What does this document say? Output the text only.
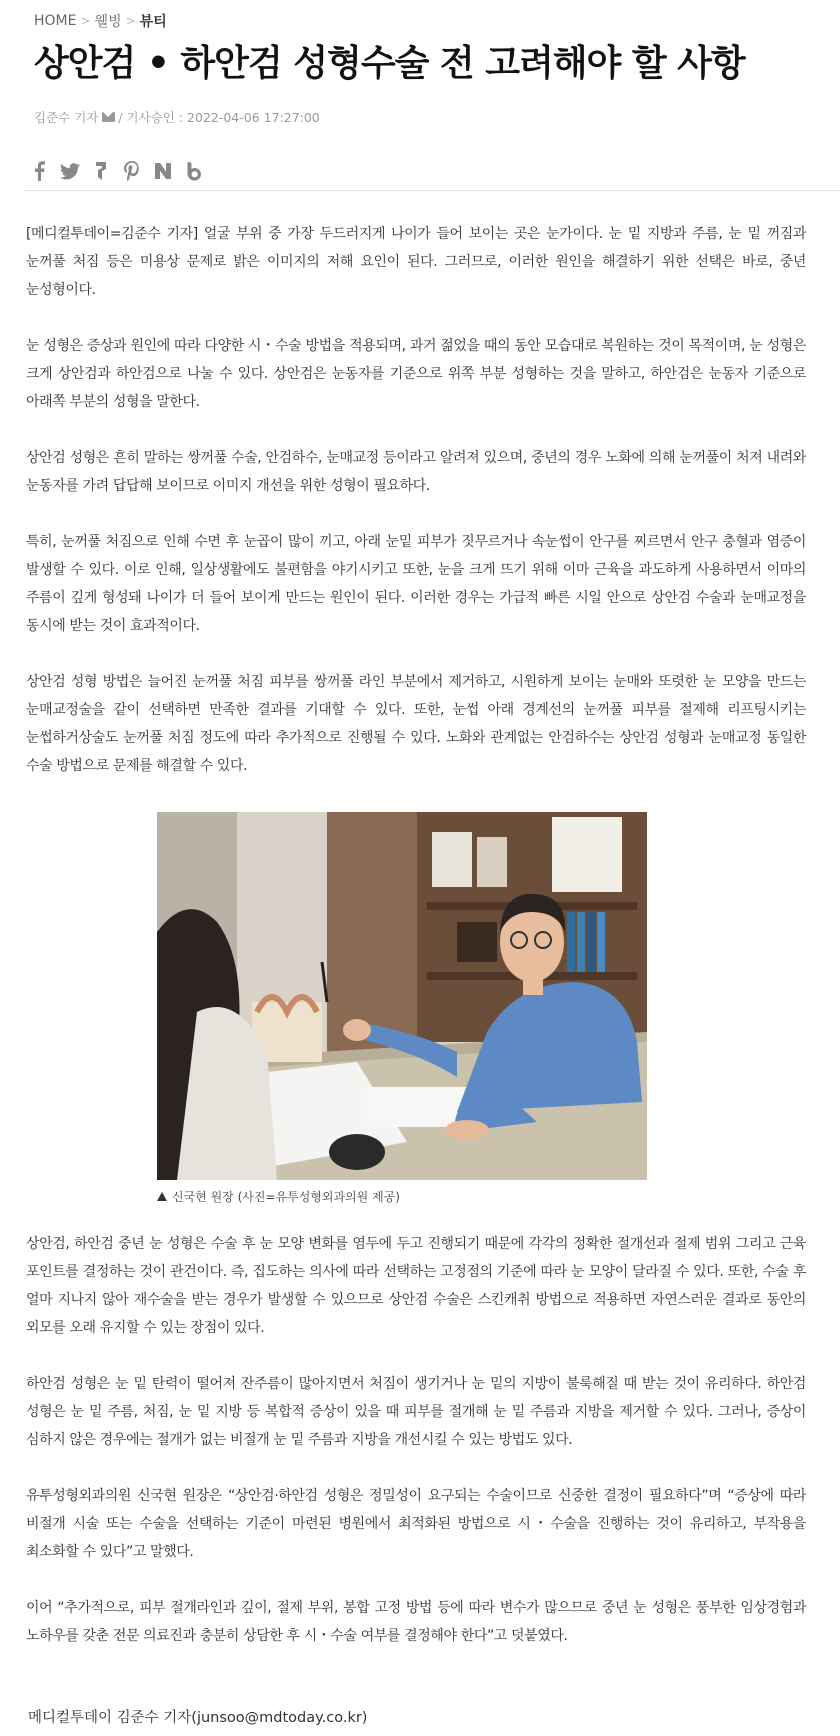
HOME > 웰빙 > 뷰티
상안검 • 하안검 성형수술 전 고려해야 할 사항
김준수 기자 / 기사승인 : 2022-04-06 17:27:00

[메디컬투데이=김준수 기자] 얼굴 부위 중 가장 두드러지게 나이가 들어 보이는 곳은 눈가이다. 눈 밑 지방과 주름, 눈 밑 꺼짐과 눈꺼풀 처짐 등은 미용상 문제로 밝은 이미지의 저해 요인이 된다. 그러므로, 이러한 원인을 해결하기 위한 선택은 바로, 중년 눈성형이다.

눈 성형은 증상과 원인에 따라 다양한 시・수술 방법을 적용되며, 과거 젊었을 때의 동안 모습대로 복원하는 것이 목적이며, 눈 성형은 크게 상안검과 하안검으로 나눌 수 있다. 상안검은 눈동자를 기준으로 위쪽 부분 성형하는 것을 말하고, 하안검은 눈동자 기준으로 아래쪽 부분의 성형을 말한다.

상안검 성형은 흔히 말하는 쌍꺼풀 수술, 안검하수, 눈매교정 등이라고 알려져 있으며, 중년의 경우 노화에 의해 눈꺼풀이 처져 내려와 눈동자를 가려 답답해 보이므로 이미지 개선을 위한 성형이 필요하다.

특히, 눈꺼풀 처짐으로 인해 수면 후 눈곱이 많이 끼고, 아래 눈밑 피부가 짓무르거나 속눈썹이 안구를 찌르면서 안구 충혈과 염증이 발생할 수 있다. 이로 인해, 일상생활에도 불편함을 야기시키고 또한, 눈을 크게 뜨기 위해 이마 근육을 과도하게 사용하면서 이마의 주름이 깊게 형성돼 나이가 더 들어 보이게 만드는 원인이 된다. 이러한 경우는 가급적 빠른 시일 안으로 상안검 수술과 눈매교정을 동시에 받는 것이 효과적이다.

상안검 성형 방법은 늘어진 눈꺼풀 처짐 피부를 쌍꺼풀 라인 부분에서 제거하고, 시원하게 보이는 눈매와 또렷한 눈 모양을 만드는 눈매교정술을 같이 선택하면 만족한 결과를 기대할 수 있다. 또한, 눈썹 아래 경계선의 눈꺼풀 피부를 절제해 리프팅시키는 눈썹하거상술도 눈꺼풀 처짐 정도에 따라 추가적으로 진행될 수 있다. 노화와 관계없는 안검하수는 상안검 성형과 눈매교정 동일한 수술 방법으로 문제를 해결할 수 있다.

신국현 원장 (사진=유투성형외과의원 제공)

상안검, 하안검 중년 눈 성형은 수술 후 눈 모양 변화를 염두에 두고 진행되기 때문에 각각의 정확한 절개선과 절제 범위 그리고 근육 포인트를 결정하는 것이 관건이다. 즉, 집도하는 의사에 따라 선택하는 고정점의 기준에 따라 눈 모양이 달라질 수 있다. 또한, 수술 후 얼마 지나지 않아 재수술을 받는 경우가 발생할 수 있으므로 상안검 수술은 스킨캐취 방법으로 적용하면 자연스러운 결과로 동안의 외모를 오래 유지할 수 있는 장점이 있다.

하안검 성형은 눈 밑 탄력이 떨어져 잔주름이 많아지면서 처짐이 생기거나 눈 밑의 지방이 불룩해질 때 받는 것이 유리하다. 하안검 성형은 눈 밑 주름, 처짐, 눈 밑 지방 등 복합적 증상이 있을 때 피부를 절개해 눈 밑 주름과 지방을 제거할 수 있다. 그러나, 증상이 심하지 않은 경우에는 절개가 없는 비절개 눈 밑 주름과 지방을 개선시킬 수 있는 방법도 있다.

유투성형외과의원 신국현 원장은 “상안검·하안검 성형은 정밀성이 요구되는 수술이므로 신중한 결정이 필요하다”며 “증상에 따라 비절개 시술 또는 수술을 선택하는 기준이 마련된 병원에서 최적화된 방법으로 시・수술을 진행하는 것이 유리하고, 부작용을 최소화할 수 있다”고 말했다.

이어 “추가적으로, 피부 절개라인과 깊이, 절제 부위, 봉합 고정 방법 등에 따라 변수가 많으므로 중년 눈 성형은 풍부한 임상경험과 노하우를 갖춘 전문 의료진과 충분히 상담한 후 시・수술 여부를 결정해야 한다”고 덧붙였다.

메디컬투데이 김준수 기자(junsoo@mdtoday.co.kr)
